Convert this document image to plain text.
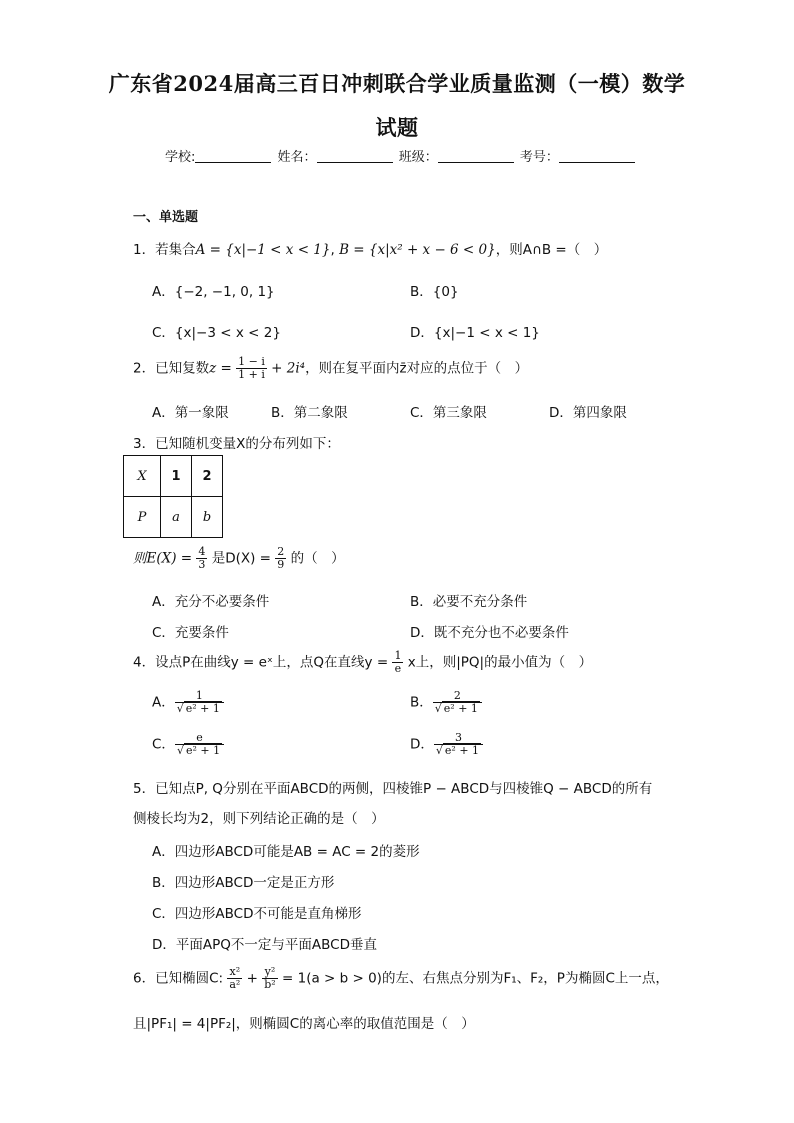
广东省2024届高三百日冲刺联合学业质量监测（一模）数学
试题
学校:	姓名：	班级：	考号：
一、单选题
1．若集合A = {x|−1 < x < 1}, B = {x|x² + x − 6 < 0}，则A∩B =（　）
A．{−2, −1, 0, 1}	B．{0}
C．{x|−3 < x < 2}	D．{x|−1 < x < 1}
2．已知复数$z = \frac{1 - i}{1 + i} + 2i^4$，则在复平面内z̄对应的点位于（　）
A．第一象限	B．第二象限	C．第三象限	D．第四象限
3．已知随机变量X的分布列如下：
X	1	2
P	a	b
则$E(X) = \frac{4}{3}$ 是$D(X) = \frac{2}{9}$ 的（　）
A．充分不必要条件	B．必要不充分条件
C．充要条件	D．既不充分也不必要条件
4．设点P在曲线y = eˣ上，点Q在直线$y = \frac{1}{e}$ x上，则|PQ|的最小值为（　）
A． $\frac{1}{\text{√ e² + 1}}$	B． $\frac{2}{\text{√ e² + 1}}$
C． $\frac{e}{\text{√ e² + 1}}$	D． $\frac{3}{\text{√ e² + 1}}$
5．已知点P, Q分别在平面ABCD的两侧，四棱锥P − ABCD与四棱锥Q − ABCD的所有
侧棱长均为2，则下列结论正确的是（　）
A．四边形ABCD可能是AB = AC = 2的菱形
B．四边形ABCD一定是正方形
C．四边形ABCD不可能是直角梯形
D．平面APQ不一定与平面ABCD垂直
6．已知椭圆C: $\frac{\text{x²}}{\text{a²}} + \frac{\text{y²}}{\text{b²}} = 1(a > b > 0)$的左、右焦点分别为F₁、F₂，P为椭圆C上一点，
且|PF₁| = 4|PF₂|，则椭圆C的离心率的取值范围是（　）
